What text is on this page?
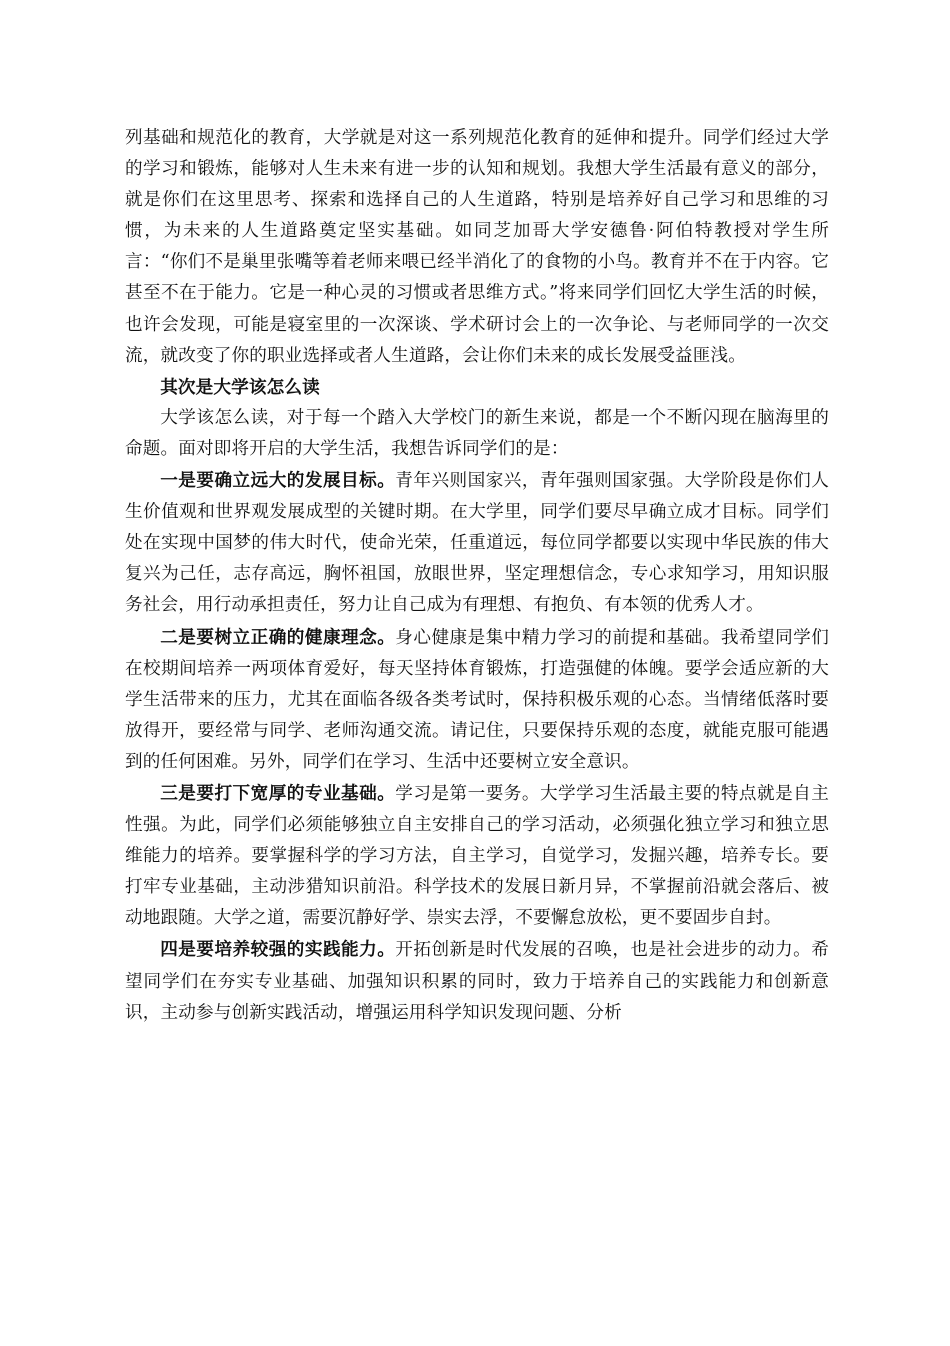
列基础和规范化的教育，大学就是对这一系列规范化教育的延伸和提升。同学们经过大学的学习和锻炼，能够对人生未来有进一步的认知和规划。我想大学生活最有意义的部分，就是你们在这里思考、探索和选择自己的人生道路，特别是培养好自己学习和思维的习惯，为未来的人生道路奠定坚实基础。如同芝加哥大学安德鲁·阿伯特教授对学生所言：“你们不是巢里张嘴等着老师来喂已经半消化了的食物的小鸟。教育并不在于内容。它甚至不在于能力。它是一种心灵的习惯或者思维方式。”将来同学们回忆大学生活的时候，也许会发现，可能是寝室里的一次深谈、学术研讨会上的一次争论、与老师同学的一次交流，就改变了你的职业选择或者人生道路，会让你们未来的成长发展受益匪浅。

其次是大学该怎么读

大学该怎么读，对于每一个踏入大学校门的新生来说，都是一个不断闪现在脑海里的命题。面对即将开启的大学生活，我想告诉同学们的是：

一是要确立远大的发展目标。青年兴则国家兴，青年强则国家强。大学阶段是你们人生价值观和世界观发展成型的关键时期。在大学里，同学们要尽早确立成才目标。同学们处在实现中国梦的伟大时代，使命光荣，任重道远，每位同学都要以实现中华民族的伟大复兴为己任，志存高远，胸怀祖国，放眼世界，坚定理想信念，专心求知学习，用知识服务社会，用行动承担责任，努力让自己成为有理想、有抱负、有本领的优秀人才。

二是要树立正确的健康理念。身心健康是集中精力学习的前提和基础。我希望同学们在校期间培养一两项体育爱好，每天坚持体育锻炼，打造强健的体魄。要学会适应新的大学生活带来的压力，尤其在面临各级各类考试时，保持积极乐观的心态。当情绪低落时要放得开，要经常与同学、老师沟通交流。请记住，只要保持乐观的态度，就能克服可能遇到的任何困难。另外，同学们在学习、生活中还要树立安全意识。

三是要打下宽厚的专业基础。学习是第一要务。大学学习生活最主要的特点就是自主性强。为此，同学们必须能够独立自主安排自己的学习活动，必须强化独立学习和独立思维能力的培养。要掌握科学的学习方法，自主学习，自觉学习，发掘兴趣，培养专长。要打牢专业基础，主动涉猎知识前沿。科学技术的发展日新月异，不掌握前沿就会落后、被动地跟随。大学之道，需要沉静好学、崇实去浮，不要懈怠放松，更不要固步自封。

四是要培养较强的实践能力。开拓创新是时代发展的召唤，也是社会进步的动力。希望同学们在夯实专业基础、加强知识积累的同时，致力于培养自己的实践能力和创新意识，主动参与创新实践活动，增强运用科学知识发现问题、分析
